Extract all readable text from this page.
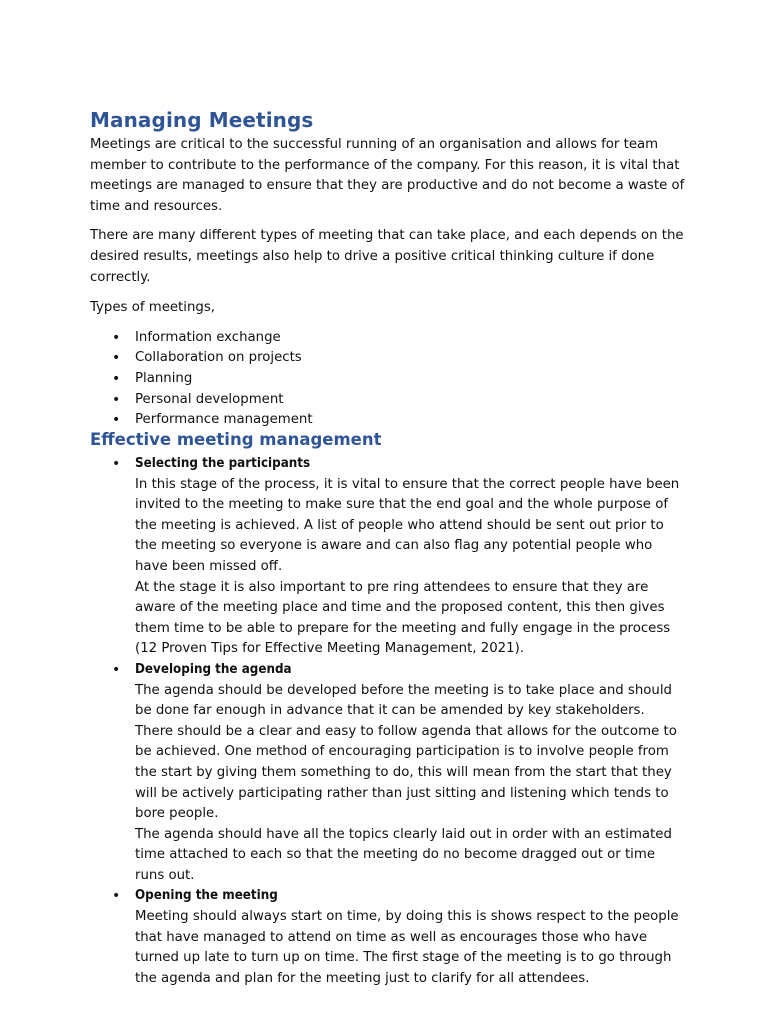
Managing Meetings

Meetings are critical to the successful running of an organisation and allows for team member to contribute to the performance of the company. For this reason, it is vital that meetings are managed to ensure that they are productive and do not become a waste of time and resources.

There are many different types of meeting that can take place, and each depends on the desired results, meetings also help to drive a positive critical thinking culture if done correctly.

Types of meetings,

• Information exchange
• Collaboration on projects
• Planning
• Personal development
• Performance management
Effective meeting management
• Selecting the participants
In this stage of the process, it is vital to ensure that the correct people have been invited to the meeting to make sure that the end goal and the whole purpose of the meeting is achieved. A list of people who attend should be sent out prior to the meeting so everyone is aware and can also flag any potential people who have been missed off.
At the stage it is also important to pre ring attendees to ensure that they are aware of the meeting place and time and the proposed content, this then gives them time to be able to prepare for the meeting and fully engage in the process (12 Proven Tips for Effective Meeting Management, 2021).
• Developing the agenda
The agenda should be developed before the meeting is to take place and should be done far enough in advance that it can be amended by key stakeholders. There should be a clear and easy to follow agenda that allows for the outcome to be achieved. One method of encouraging participation is to involve people from the start by giving them something to do, this will mean from the start that they will be actively participating rather than just sitting and listening which tends to bore people.
The agenda should have all the topics clearly laid out in order with an estimated time attached to each so that the meeting do no become dragged out or time runs out.
• Opening the meeting
Meeting should always start on time, by doing this is shows respect to the people that have managed to attend on time as well as encourages those who have turned up late to turn up on time. The first stage of the meeting is to go through the agenda and plan for the meeting just to clarify for all attendees.
